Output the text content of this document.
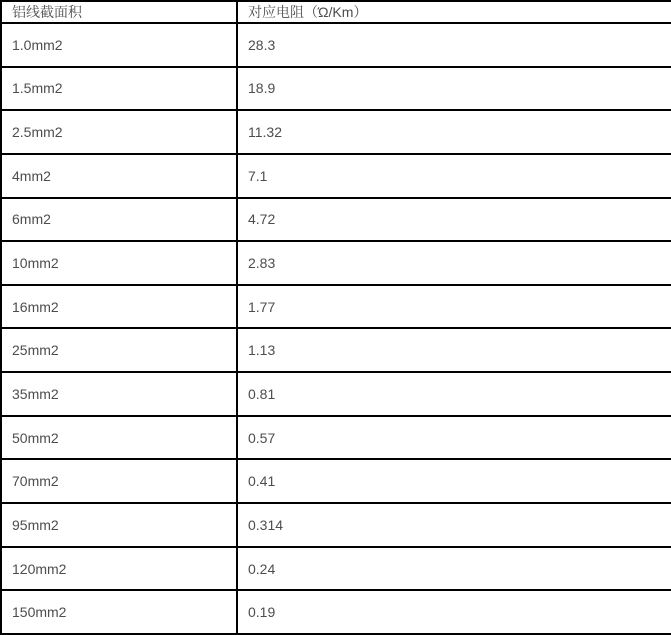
铝线截面积	对应电阻（Ώ/Km）
1.0mm2	28.3
1.5mm2	18.9
2.5mm2	11.32
4mm2	7.1
6mm2	4.72
10mm2	2.83
16mm2	1.77
25mm2	1.13
35mm2	0.81
50mm2	0.57
70mm2	0.41
95mm2	0.314
120mm2	0.24
150mm2	0.19
